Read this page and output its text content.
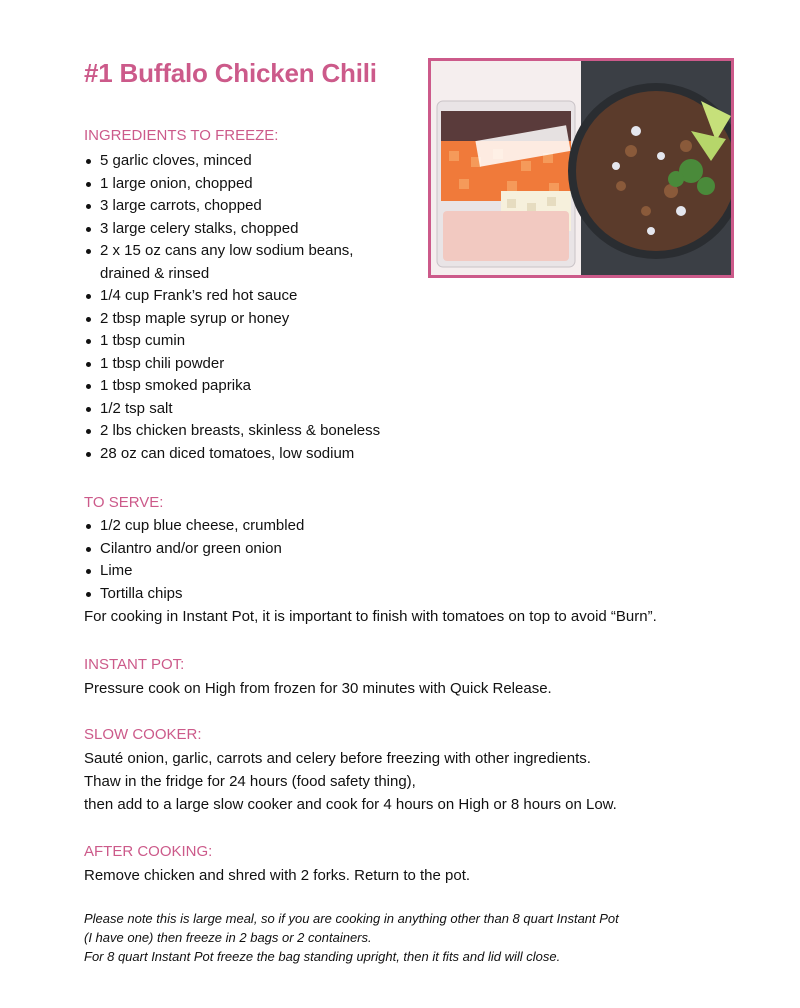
#1 Buffalo Chicken Chili
INGREDIENTS TO FREEZE:
5 garlic cloves, minced
1 large onion, chopped
3 large carrots, chopped
3 large celery stalks, chopped
2 x 15 oz cans any low sodium beans,
drained & rinsed
1/4 cup Frank’s red hot sauce
2 tbsp maple syrup or honey
1 tbsp cumin
1 tbsp chili powder
1 tbsp smoked paprika
1/2 tsp salt
2 lbs chicken breasts, skinless & boneless
28 oz can diced tomatoes, low sodium
TO SERVE:
1/2 cup blue cheese, crumbled
Cilantro and/or green onion
Lime
Tortilla chips

For cooking in Instant Pot, it is important to finish with tomatoes on top to avoid “Burn”.

INSTANT POT:

Pressure cook on High from frozen for 30 minutes with Quick Release.

SLOW COOKER:
Sauté onion, garlic, carrots and celery before freezing with other ingredients.
Thaw in the fridge for 24 hours (food safety thing),
then add to a large slow cooker and cook for 4 hours on High or 8 hours on Low.
AFTER COOKING:

Remove chicken and shred with 2 forks. Return to the pot.

Please note this is large meal, so if you are cooking in anything other than 8 quart Instant Pot
(I have one) then freeze in 2 bags or 2 containers.
For 8 quart Instant Pot freeze the bag standing upright, then it fits and lid will close.
